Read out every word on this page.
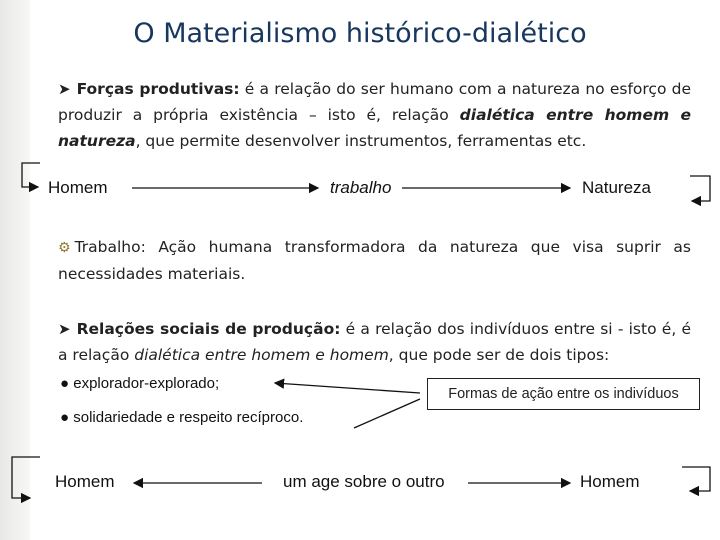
O Materialismo histórico-dialético
➤ Forças produtivas: é a relação do ser humano com a natureza no esforço de produzir a própria existência – isto é, relação dialética entre homem e natureza, que permite desenvolver instrumentos, ferramentas etc.
Homem	trabalho	Natureza
⚙ Trabalho: Ação humana transformadora da natureza que visa suprir as necessidades materiais.
➤ Relações sociais de produção: é a relação dos indivíduos entre si - isto é, é a relação dialética entre homem e homem, que pode ser de dois tipos:
● explorador-explorado;
● solidariedade e respeito recíproco.
Formas de ação entre os indivíduos
Homem	um age sobre o outro	Homem
